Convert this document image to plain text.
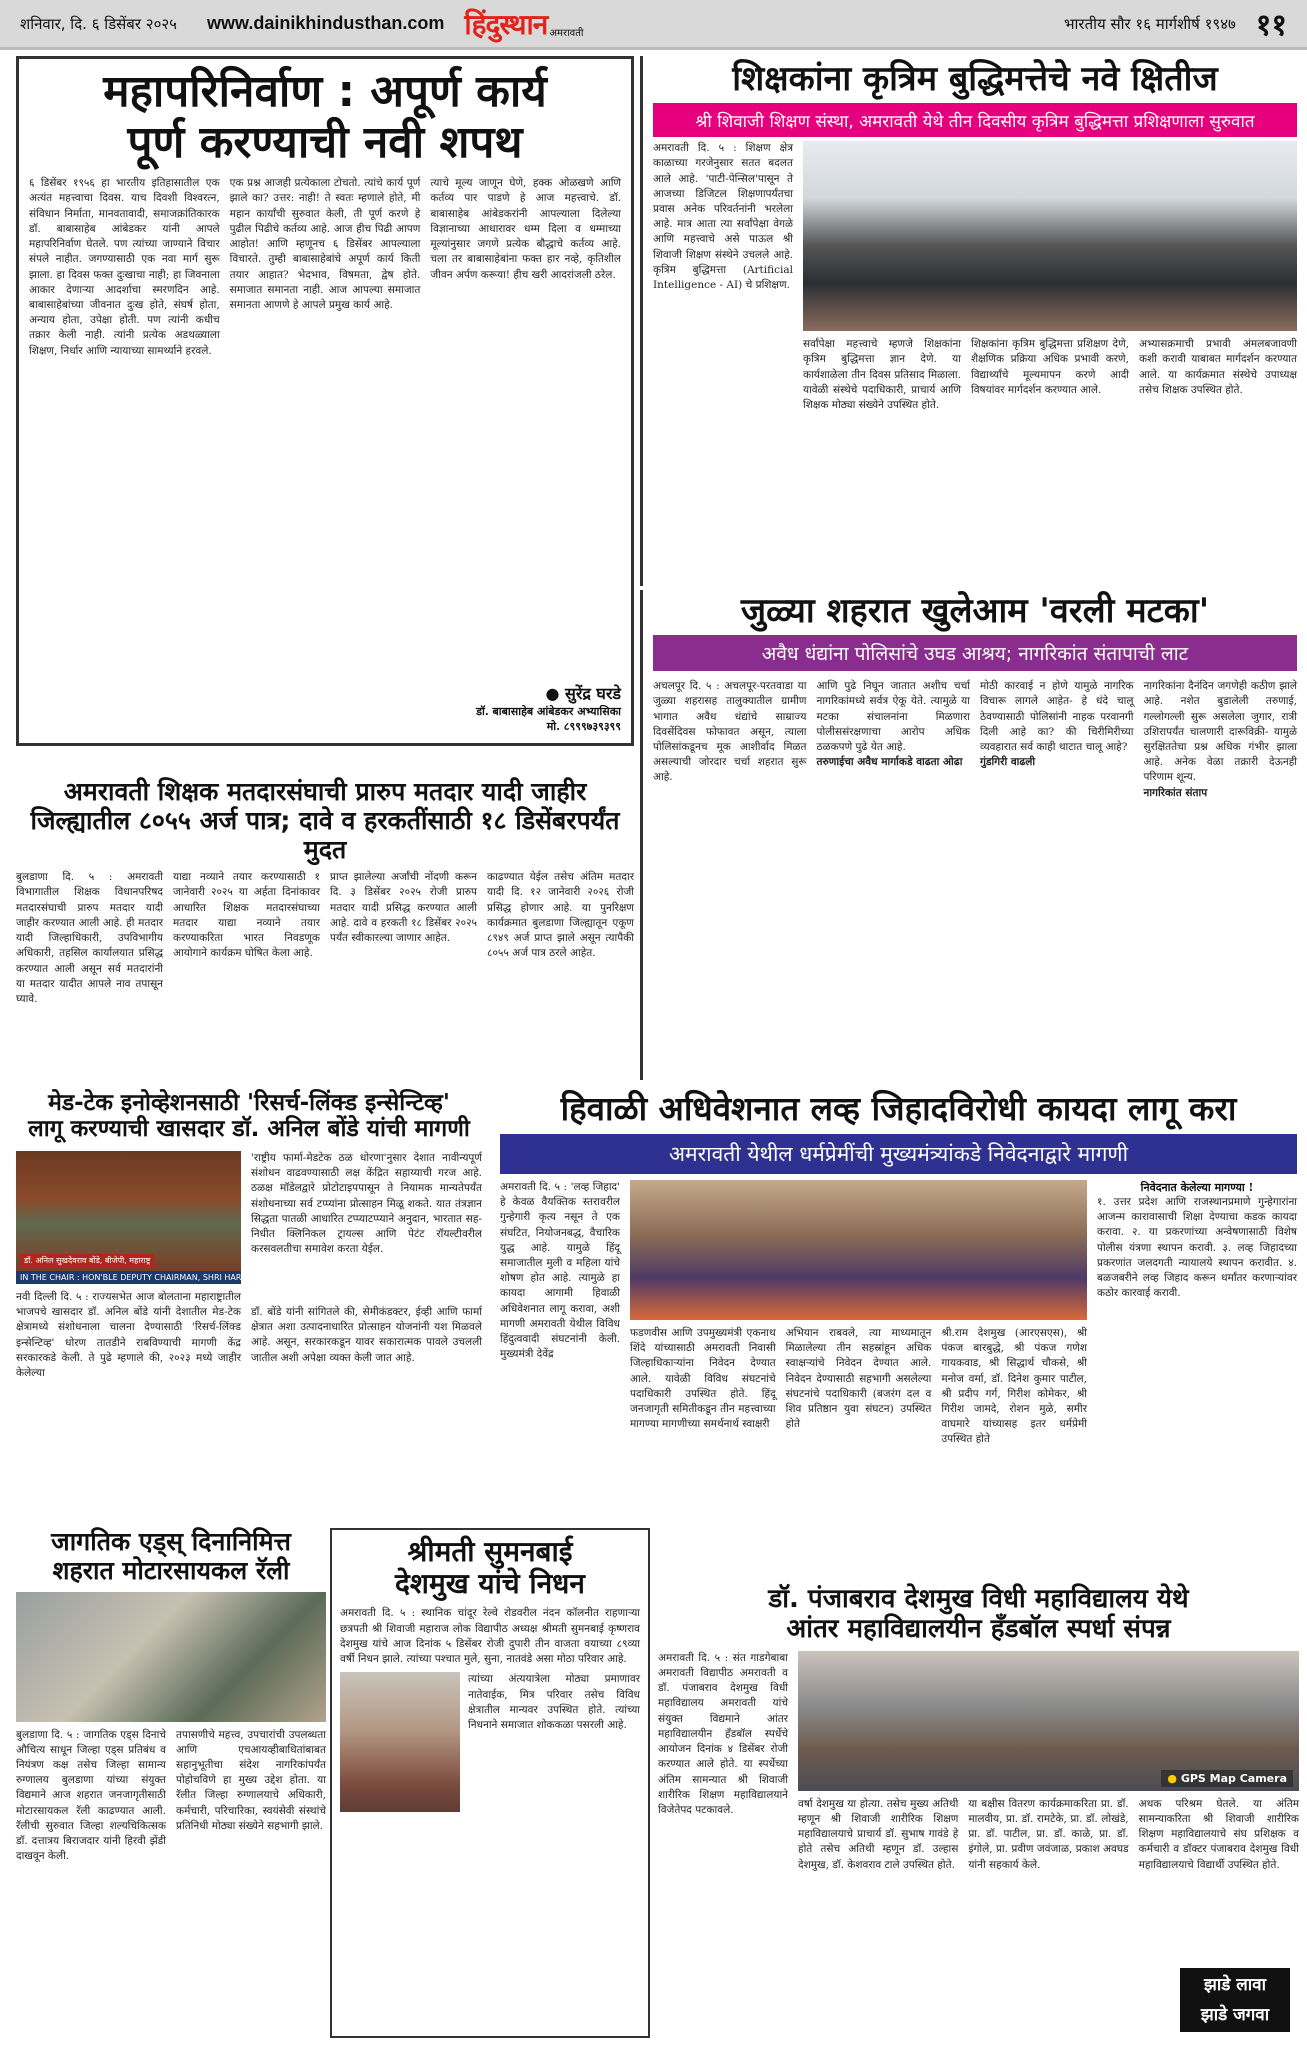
शनिवार, दि. ६ डिसेंबर २०२५ www.dainikhindusthan.com हिंदुस्थान अमरावती
भारतीय सौर १६ मार्गशीर्ष १९४७ ११
महापरिनिर्वाण : अपूर्ण कार्य
पूर्ण करण्याची नवी शपथ
६ डिसेंबर १९५६ हा भारतीय इतिहासातील एक अत्यंत महत्त्वाचा दिवस. याच दिवशी विश्वरत्न, संविधान निर्माता, मानवतावादी, समाजक्रांतिकारक डॉ. बाबासाहेब आंबेडकर यांनी आपले महापरिनिर्वाण घेतले. पण त्यांच्या जाण्याने विचार संपले नाहीत. जगण्यासाठी एक नवा मार्ग सुरू झाला. हा दिवस फक्त दुःखाचा नाही; हा जिवनाला आकार देणाऱ्या आदर्शाचा स्मरणदिन आहे. बाबासाहेबांच्या जीवनात दुःख होते, संघर्ष होता, अन्याय होता, उपेक्षा होती. पण त्यांनी कधीच तक्रार केली नाही. त्यांनी प्रत्येक अडथळ्याला शिक्षण, निर्धार आणि न्यायाच्या सामर्थ्याने हरवले.
एक प्रश्न आजही प्रत्येकाला टोचतो. त्यांचे कार्य पूर्ण झाले का? उत्तर: नाही! ते स्वतः म्हणाले होते, मी महान कार्यांची सुरुवात केली, ती पूर्ण करणे हे पुढील पिढीचे कर्तव्य आहे. आज हीच पिढी आपण आहोत! आणि म्हणूनच ६ डिसेंबर आपल्याला विचारते. तुम्ही बाबासाहेबांचे अपूर्ण कार्य किती तयार आहात? भेदभाव, विषमता, द्वेष होते. समाजात समानता नाही. आज आपल्या समाजात समानता आणणे हे आपले प्रमुख कार्य आहे.
त्याचे मूल्य जाणून घेणे, हक्क ओळखणे आणि कर्तव्य पार पाडणे हे आज महत्त्वाचे. डॉ. बाबासाहेब आंबेडकरांनी आपल्याला दिलेल्या विज्ञानाच्या आधारावर धम्म दिला व धम्माच्या मूल्यांनुसार जगणे प्रत्येक बौद्धाचे कर्तव्य आहे. चला तर बाबासाहेबांना फक्त हार नव्हे, कृतिशील जीवन अर्पण करूया! हीच खरी आदरांजली ठरेल.
● सुरेंद्र घरडे
डॉ. बाबासाहेब आंबेडकर अभ्यासिका
मो. ८९९९७३९३९९
शिक्षकांना कृत्रिम बुद्धिमत्तेचे नवे क्षितीज
श्री शिवाजी शिक्षण संस्था, अमरावती येथे तीन दिवसीय कृत्रिम बुद्धिमत्ता प्रशिक्षणाला सुरुवात
अमरावती दि. ५ : शिक्षण क्षेत्र काळाच्या गरजेनुसार सतत बदलत आले आहे. 'पाटी-पेन्सिल'पासून ते आजच्या डिजिटल शिक्षणापर्यंतचा प्रवास अनेक परिवर्तनांनी भरलेला आहे. मात्र आता त्या सर्वांपेक्षा वेगळे आणि महत्त्वाचे असे पाऊल श्री शिवाजी शिक्षण संस्थेने उचलले आहे. कृत्रिम बुद्धिमत्ता (Artificial Intelligence - AI) चे प्रशिक्षण.
सर्वांपेक्षा महत्त्वाचे म्हणजे शिक्षकांना कृत्रिम बुद्धिमत्ता ज्ञान देणे. या कार्यशाळेला तीन दिवस प्रतिसाद मिळाला. यावेळी संस्थेचे पदाधिकारी, प्राचार्य आणि शिक्षक मोठ्या संख्येने उपस्थित होते.
शिक्षकांना कृत्रिम बुद्धिमत्ता प्रशिक्षण देणे, शैक्षणिक प्रक्रिया अधिक प्रभावी करणे, विद्यार्थ्यांचे मूल्यमापन करणे आदी विषयांवर मार्गदर्शन करण्यात आले.
अभ्यासक्रमाची प्रभावी अंमलबजावणी कशी करावी याबाबत मार्गदर्शन करण्यात आले. या कार्यक्रमात संस्थेचे उपाध्यक्ष तसेच शिक्षक उपस्थित होते.
जुळ्या शहरात खुलेआम 'वरली मटका'
अवैध धंद्यांना पोलिसांचे उघड आश्रय; नागरिकांत संतापाची लाट
अचलपूर दि. ५ : अचलपूर-परतवाडा या जुळ्या शहरासह तालुक्यातील ग्रामीण भागात अवैध धंद्यांचे साम्राज्य दिवसेंदिवस फोफावत असून, त्याला पोलिसांकडूनच मूक आशीर्वाद मिळत असल्याची जोरदार चर्चा शहरात सुरू आहे.
आणि पुढे निघून जातात अशीच चर्चा नागरिकांमध्ये सर्वत्र ऐकू येते. त्यामुळे या मटका संचालनांना मिळणारा पोलीससंरक्षणाचा आरोप अधिक ठळकपणे पुढे येत आहे.
तरुणाईचा अवैध मार्गाकडे वाढता ओढा
मोठी कारवाई न होणे यामुळे नागरिक विचारू लागले आहेत- हे धंदे चालू ठेवण्यासाठी पोलिसांनी नाहक परवानगी दिली आहे का? की चिरीमिरीच्या व्यवहारात सर्व काही थाटात चालू आहे?
गुंडगिरी वाढली
नागरिकांना दैनंदिन जगणेही कठीण झाले आहे. नशेत बुडालेली तरुणाई, गल्लोगल्ली सुरू असलेला जुगार, रात्री उशिरापर्यंत चालणारी दारूविक्री- यामुळे सुरक्षिततेचा प्रश्न अधिक गंभीर झाला आहे. अनेक वेळा तक्रारी देऊनही परिणाम शून्य.
नागरिकांत संताप
अमरावती शिक्षक मतदारसंघाची प्रारुप मतदार यादी जाहीर
जिल्ह्यातील ८०५५ अर्ज पात्र; दावे व हरकतींसाठी १८ डिसेंबरपर्यंत मुदत
बुलडाणा दि. ५ : अमरावती विभागातील शिक्षक विधानपरिषद मतदारसंघाची प्रारुप मतदार यादी जाहीर करण्यात आली आहे. ही मतदार यादी जिल्हाधिकारी, उपविभागीय अधिकारी, तहसिल कार्यालयात प्रसिद्ध करण्यात आली असून सर्व मतदारांनी या मतदार यादीत आपले नाव तपासून घ्यावे.
याद्या नव्याने तयार करण्यासाठी १ जानेवारी २०२५ या अर्हता दिनांकावर आधारित शिक्षक मतदारसंघाच्या मतदार याद्या नव्याने तयार करण्याकरिता भारत निवडणूक आयोगाने कार्यक्रम घोषित केला आहे.
प्राप्त झालेल्या अर्जांची नोंदणी करून दि. ३ डिसेंबर २०२५ रोजी प्रारुप मतदार यादी प्रसिद्ध करण्यात आली आहे. दावे व हरकती १८ डिसेंबर २०२५ पर्यंत स्वीकारल्या जाणार आहेत.
काढण्यात येईल तसेच अंतिम मतदार यादी दि. १२ जानेवारी २०२६ रोजी प्रसिद्ध होणार आहे. या पुनरिक्षण कार्यक्रमात बुलडाणा जिल्ह्यातून एकूण ८९४९ अर्ज प्राप्त झाले असून त्यापैकी ८०५५ अर्ज पात्र ठरले आहेत.
मेड-टेक इनोव्हेशनसाठी 'रिसर्च-लिंक्ड इन्सेन्टिव्ह'
लागू करण्याची खासदार डॉ. अनिल बोंडे यांची मागणी
डॉ. अनिल सुखदेवराव बोंडे, बीजेपी, महाराष्ट्र
IN THE CHAIR : HON'BLE DEPUTY CHAIRMAN, SHRI HARIVANSH
नवी दिल्ली दि. ५ : राज्यसभेत आज बोलताना महाराष्ट्रातील भाजपचे खासदार डॉ. अनिल बोंडे यांनी देशातील मेड-टेक क्षेत्रामध्ये संशोधनाला चालना देण्यासाठी 'रिसर्च-लिंक्ड इन्सेन्टिव्ह' धोरण तातडीने राबविण्याची मागणी केंद्र सरकारकडे केली. ते पुढे म्हणाले की, २०२३ मध्ये जाहीर केलेल्या
'राष्ट्रीय फार्मा-मेडटेक ठळ धोरणा'नुसार देशात नावीन्यपूर्ण संशोधन वाढवण्यासाठी लक्ष केंद्रित सहाय्याची गरज आहे. ठळक्ष मॉडेलद्वारे प्रोटोटाइपपासून ते नियामक मान्यतेपर्यंत संशोधनाच्या सर्व टप्प्यांना प्रोत्साहन मिळू शकते. यात तंत्रज्ञान सिद्धता पातळी आधारित टप्प्याटप्प्याने अनुदान, भारतात सह-निधीत क्लिनिकल ट्रायल्स आणि पेटंट रॉयल्टीवरील करसवलतीचा समावेश करता येईल.
डॉ. बोंडे यांनी सांगितले की, सेमीकंडक्टर, ईव्ही आणि फार्मा क्षेत्रात अशा उत्पादनाधारित प्रोत्साहन योजनांनी यश मिळवले आहे. असून, सरकारकडून यावर सकारात्मक पावले उचलली जातील अशी अपेक्षा व्यक्त केली जात आहे.
हिवाळी अधिवेशनात लव्ह जिहादविरोधी कायदा लागू करा
अमरावती येथील धर्मप्रेमींची मुख्यमंत्र्यांकडे निवेदनाद्वारे मागणी
अमरावती दि. ५ : 'लव्ह जिहाद' हे केवळ वैयक्तिक स्तरावरील गुन्हेगारी कृत्य नसून ते एक संघटित, नियोजनबद्ध, वैचारिक युद्ध आहे. यामुळे हिंदू समाजातील मुली व महिला यांचे शोषण होत आहे. त्यामुळे हा कायदा आगामी हिवाळी अधिवेशनात लागू करावा, अशी मागणी अमरावती येथील विविध हिंदुत्ववादी संघटनांनी केली. मुख्यमंत्री देवेंद्र
फडणवीस आणि उपमुख्यमंत्री एकनाथ शिंदे यांच्यासाठी अमरावती निवासी जिल्हाधिकाऱ्यांना निवेदन देण्यात आले. यावेळी विविध संघटनांचे पदाधिकारी उपस्थित होते. हिंदू जनजागृती समितीकडून तीन महत्त्वाच्या मागण्या मागणीच्या समर्थनार्थ स्वाक्षरी
अभियान राबवले, त्या माध्यमातून मिळालेल्या तीन सहस्रांहून अधिक स्वाक्षऱ्यांचे निवेदन देण्यात आले. निवेदन देण्यासाठी सहभागी असलेल्या संघटनांचे पदाधिकारी (बजरंग दल व शिव प्रतिष्ठान युवा संघटन) उपस्थित होते
श्री.राम देशमुख (आरएसएस), श्री पंकज बारबुद्धे, श्री पंकज गणेश गायकवाड, श्री सिद्धार्थ चौकसे, श्री मनोज वर्मा, डॉ. दिनेश कुमार पाटील, श्री प्रदीप गर्ग, गिरीश कोमेकर, श्री गिरीश जामदे, रोशन मुळे, समीर वाघमारे यांच्यासह इतर धर्मप्रेमी उपस्थित होते
निवेदनात केलेल्या मागण्या !
१. उत्तर प्रदेश आणि राजस्थानप्रमाणे गुन्हेगारांना आजन्म कारावासाची शिक्षा देण्याचा कडक कायदा करावा. २. या प्रकरणांच्या अन्वेषणासाठी विशेष पोलीस यंत्रणा स्थापन करावी. ३. लव्ह जिहादच्या प्रकरणांत जलदगती न्यायालये स्थापन करावीत. ४. बळजबरीने लव्ह जिहाद करून धर्मांतर करणाऱ्यांवर कठोर कारवाई करावी.
जागतिक एड्स् दिनानिमित्त
शहरात मोटारसायकल रॅली
बुलडाणा दि. ५ : जागतिक एड्स दिनाचे औचित्य साधून जिल्हा एड्स प्रतिबंध व नियंत्रण कक्ष तसेच जिल्हा सामान्य रुग्णालय बुलडाणा यांच्या संयुक्त विद्यमाने आज शहरात जनजागृतीसाठी मोटारसायकल रॅली काढण्यात आली. रॅलीची सुरुवात जिल्हा शल्यचिकित्सक डॉ. दत्तात्रय बिराजदार यांनी हिरवी झेंडी दाखवून केली.
तपासणीचे महत्त्व, उपचारांची उपलब्धता आणि एचआयव्हीबाधितांबाबत सहानुभूतीचा संदेश नागरिकांपर्यंत पोहोचविणे हा मुख्य उद्देश होता. या रॅलीत जिल्हा रुग्णालयाचे अधिकारी, कर्मचारी, परिचारिका, स्वयंसेवी संस्थांचे प्रतिनिधी मोठ्या संख्येने सहभागी झाले.
श्रीमती सुमनबाई
देशमुख यांचे निधन
अमरावती दि. ५ : स्थानिक चांदूर रेल्वे रोडवरील नंदन कॉलनीत राहणाऱ्या छत्रपती श्री शिवाजी महाराज लोक विद्यापीठ अध्यक्ष श्रीमती सुमनबाई कृष्णराव देशमुख यांचे आज दिनांक ५ डिसेंबर रोजी दुपारी तीन वाजता वयाच्या ८९व्या वर्षी निधन झाले. त्यांच्या पश्चात मुले, सुना, नातवंडे असा मोठा परिवार आहे.
त्यांच्या अंत्ययात्रेला मोठ्या प्रमाणावर नातेवाईक, मित्र परिवार तसेच विविध क्षेत्रातील मान्यवर उपस्थित होते. त्यांच्या निधनाने समाजात शोककळा पसरली आहे.
डॉ. पंजाबराव देशमुख विधी महाविद्यालय येथे
आंतर महाविद्यालयीन हँडबॉल स्पर्धा संपन्न
अमरावती दि. ५ : संत गाडगेबाबा अमरावती विद्यापीठ अमरावती व डॉ. पंजाबराव देशमुख विधी महाविद्यालय अमरावती यांचे संयुक्त विद्यमाने आंतर महाविद्यालयीन हँडबॉल स्पर्धेचे आयोजन दिनांक ४ डिसेंबर रोजी करण्यात आले होते. या स्पर्धेच्या अंतिम सामन्यात श्री शिवाजी शारीरिक शिक्षण महाविद्यालयाने विजेतेपद पटकावले.
● GPS Map Camera
वर्षा देशमुख या होत्या. तसेच मुख्य अतिथी म्हणून श्री शिवाजी शारीरिक शिक्षण महाविद्यालयाचे प्राचार्य डॉ. सुभाष गावंडे हे होते तसेच अतिथी म्हणून डॉ. उल्हास देशमुख, डॉ. केशवराव टाले उपस्थित होते.
या बक्षीस वितरण कार्यक्रमाकरिता प्रा. डॉ. मालवीय, प्रा. डॉ. रामटेके, प्रा. डॉ. लोखंडे, प्रा. डॉ. पाटील, प्रा. डॉ. काळे, प्रा. डॉ. इंगोले, प्रा. प्रवीण जवंजाळ, प्रकाश अवघड यांनी सहकार्य केले.
अथक परिश्रम घेतले. या अंतिम सामन्याकरिता श्री शिवाजी शारीरिक शिक्षण महाविद्यालयाचे संघ प्रशिक्षक व कर्मचारी व डॉक्टर पंजाबराव देशमुख विधी महाविद्यालयाचे विद्यार्थी उपस्थित होते.
झाडे लावा
झाडे जगवा
